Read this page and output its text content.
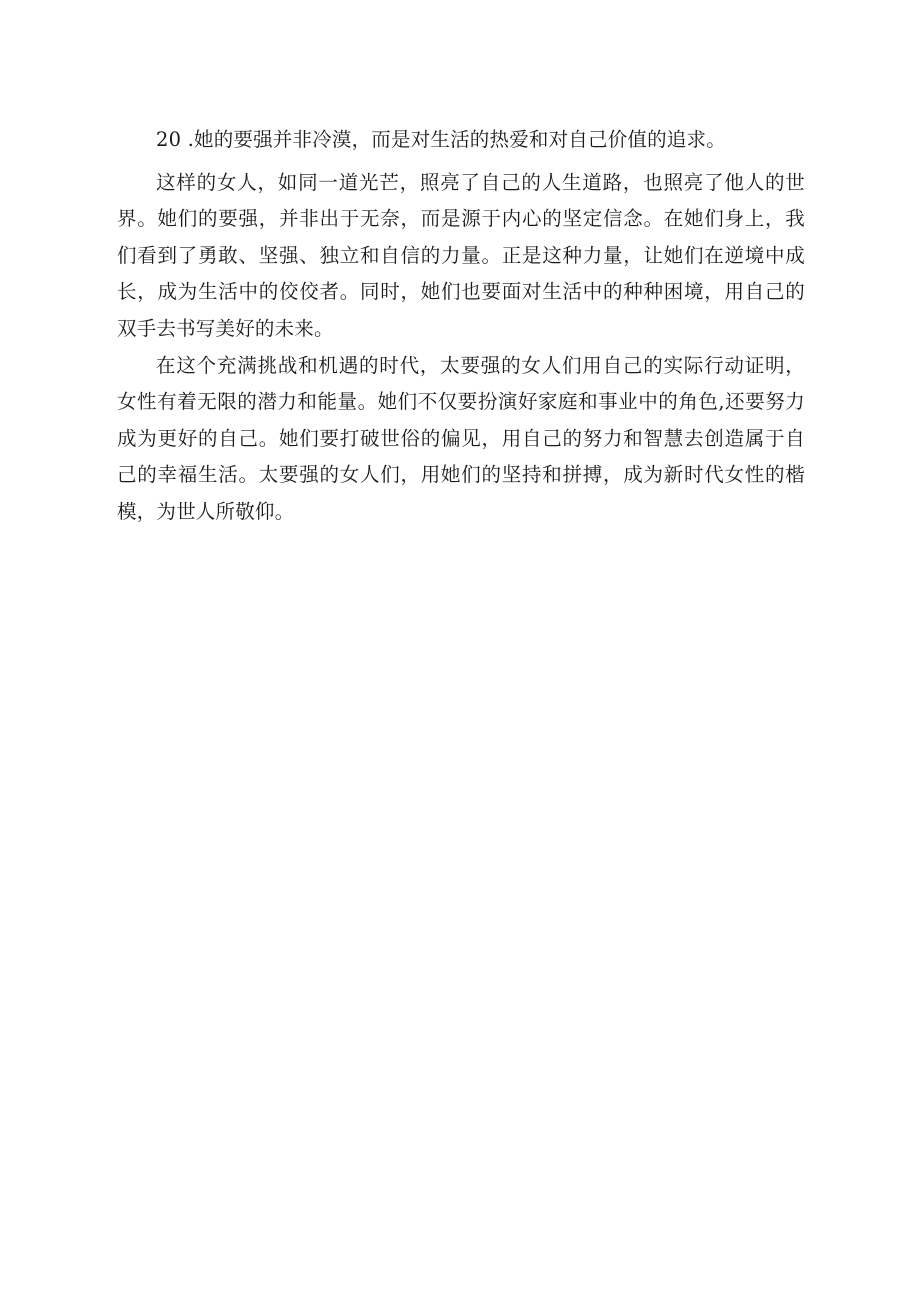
20 .她的要强并非冷漠，而是对生活的热爱和对自己价值的追求。

这样的女人，如同一道光芒，照亮了自己的人生道路，也照亮了他人的世界。她们的要强，并非出于无奈，而是源于内心的坚定信念。在她们身上，我们看到了勇敢、坚强、独立和自信的力量。正是这种力量，让她们在逆境中成长，成为生活中的佼佼者。同时，她们也要面对生活中的种种困境，用自己的双手去书写美好的未来。

在这个充满挑战和机遇的时代，太要强的女人们用自己的实际行动证明，女性有着无限的潜力和能量。她们不仅要扮演好家庭和事业中的角色,还要努力成为更好的自己。她们要打破世俗的偏见，用自己的努力和智慧去创造属于自己的幸福生活。太要强的女人们，用她们的坚持和拼搏，成为新时代女性的楷模，为世人所敬仰。
